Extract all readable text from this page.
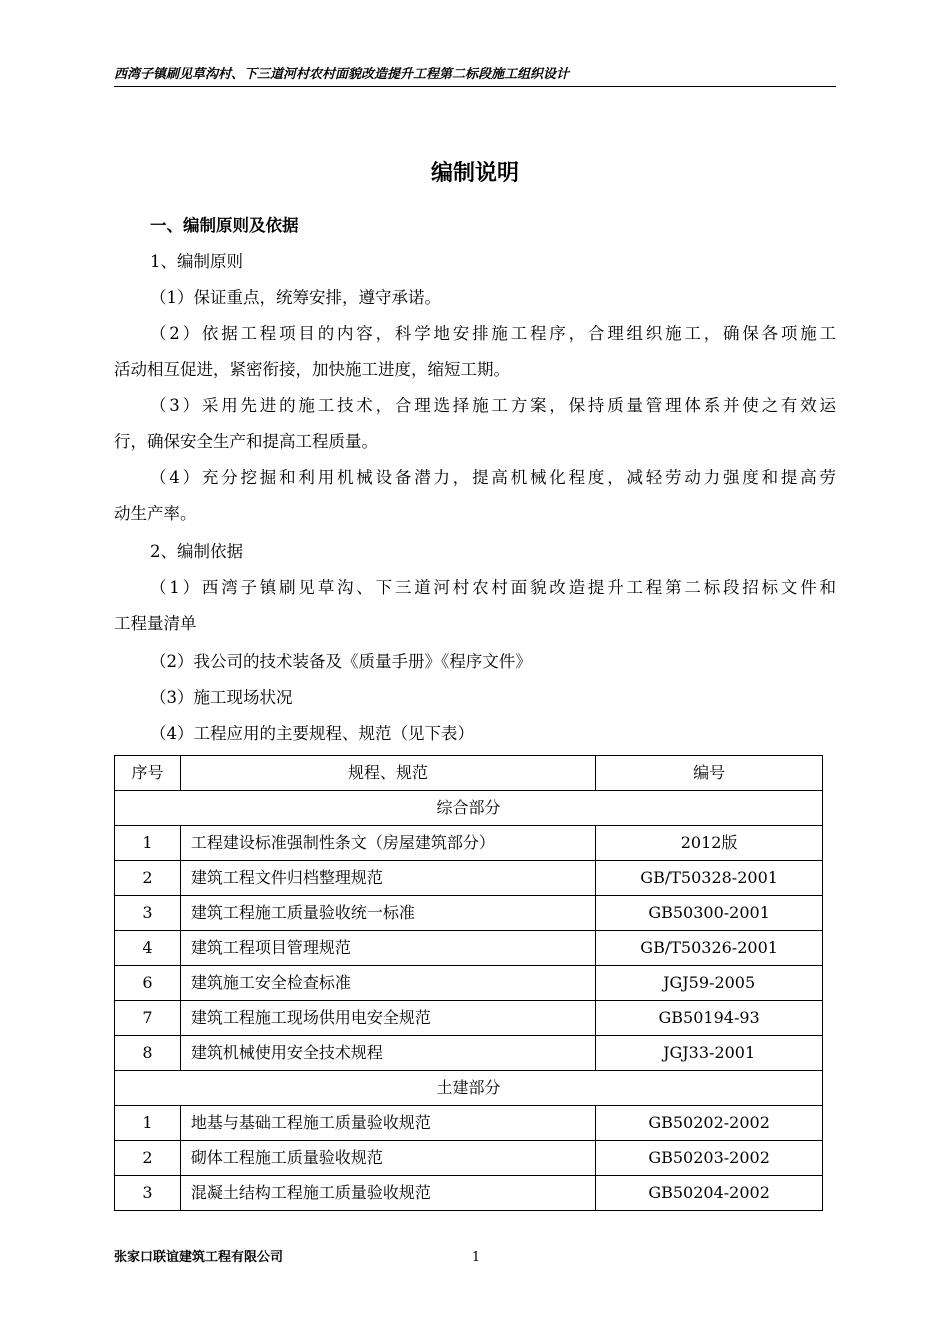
西湾子镇刷见草沟村、下三道河村农村面貌改造提升工程第二标段施工组织设计
编制说明

一、编制原则及依据

1、编制原则

（1）保证重点，统筹安排，遵守承诺。

（2）依据工程项目的内容，科学地安排施工程序，合理组织施工，确保各项施工

活动相互促进，紧密衔接，加快施工进度，缩短工期。

（3）采用先进的施工技术，合理选择施工方案，保持质量管理体系并使之有效运

行，确保安全生产和提高工程质量。

（4）充分挖掘和利用机械设备潜力，提高机械化程度，减轻劳动力强度和提高劳

动生产率。

2、编制依据

（1）西湾子镇刷见草沟、下三道河村农村面貌改造提升工程第二标段招标文件和

工程量清单

（2）我公司的技术装备及《质量手册》《程序文件》

（3）施工现场状况

（4）工程应用的主要规程、规范（见下表）

序号	规程、规范	编号
综合部分		
1	工程建设标准强制性条文（房屋建筑部分）	2012版
2	建筑工程文件归档整理规范	GB/T50328-2001
3	建筑工程施工质量验收统一标准	GB50300-2001
4	建筑工程项目管理规范	GB/T50326-2001
6	建筑施工安全检查标准	JGJ59-2005
7	建筑工程施工现场供用电安全规范	GB50194-93
8	建筑机械使用安全技术规程	JGJ33-2001
土建部分		
1	地基与基础工程施工质量验收规范	GB50202-2002
2	砌体工程施工质量验收规范	GB50203-2002
3	混凝土结构工程施工质量验收规范	GB50204-2002
张家口联谊建筑工程有限公司	1
